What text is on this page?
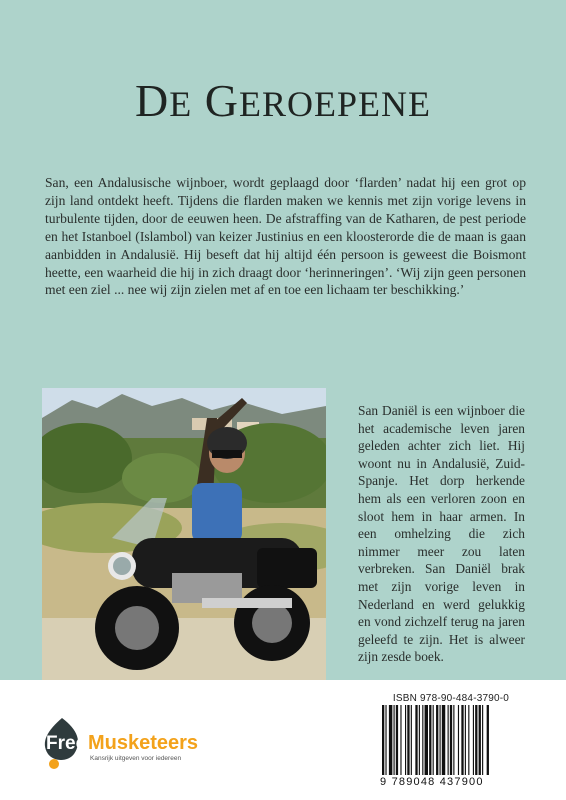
DE GEROEPENE

San, een Andalusische wijnboer, wordt geplaagd door ‘flarden’ nadat hij een grot op zijn land ontdekt heeft. Tijdens die flarden maken we kennis met zijn vorige levens in turbulente tijden, door de eeuwen heen. De afstraffing van de Katharen, de pest periode en het Istanboel (Islambol) van keizer Justinius en een kloosterorde die de maan is gaan aanbidden in Andalusië. Hij beseft dat hij altijd één persoon is geweest die Boismont heette, een waarheid die hij in zich draagt door ‘herinneringen’. ‘Wij zijn geen personen met een ziel ... nee wij zijn zielen met af en toe een lichaam ter beschikking.’

San Daniël is een wijnboer die het academische leven jaren geleden achter zich liet. Hij woont nu in Andalusië, Zuid-Spanje. Het dorp herkende hem als een verloren zoon en sloot hem in haar armen. In een omhelzing die zich nimmer meer zou laten verbreken. San Daniël brak met zijn vorige leven in Nederland en werd gelukkig en vond zichzelf terug na jaren geleefd te zijn. Het is alweer zijn zesde boek.

Free Musketeers
Kansrijk uitgeven voor iedereen
ISBN 978-90-484-3790-0
9 789048 437900
